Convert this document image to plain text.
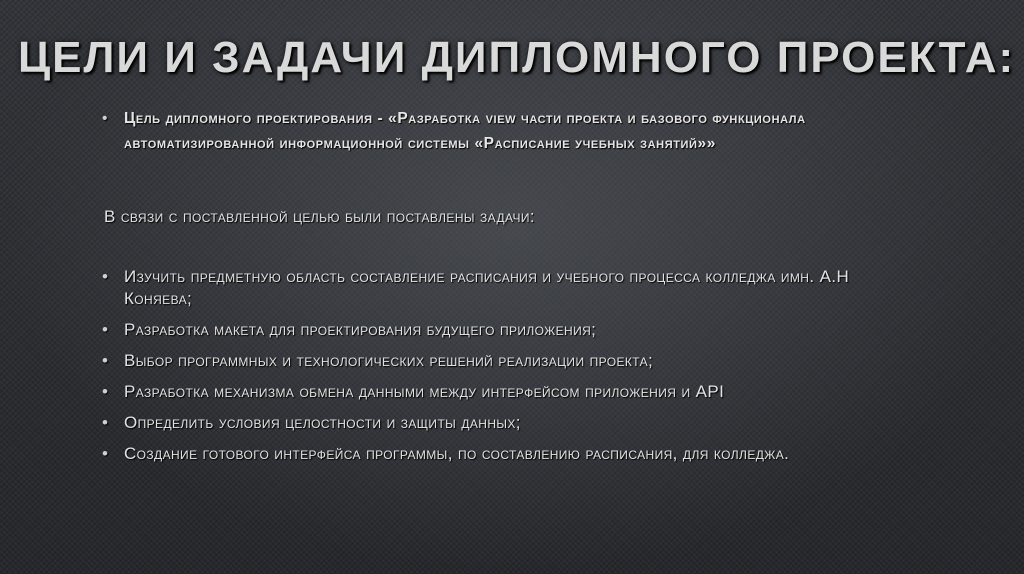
ЦЕЛИ И ЗАДАЧИ ДИПЛОМНОГО ПРОЕКТА:
• Цель дипломного проектирования - «Разработка view части проекта и базового функционала автоматизированной информационной системы «Расписание учебных занятий»»

В связи с поставленной целью были поставлены задачи:

• Изучить предметную область составление расписания и учебного процесса колледжа имн. А.Н Коняева;
• Разработка макета для проектирования будущего приложения;
• Выбор программных и технологических решений реализации проекта;
• Разработка механизма обмена данными между интерфейсом приложения и API
• Определить условия целостности и защиты данных;
• Создание готового интерфейса программы, по составлению расписания, для колледжа.
